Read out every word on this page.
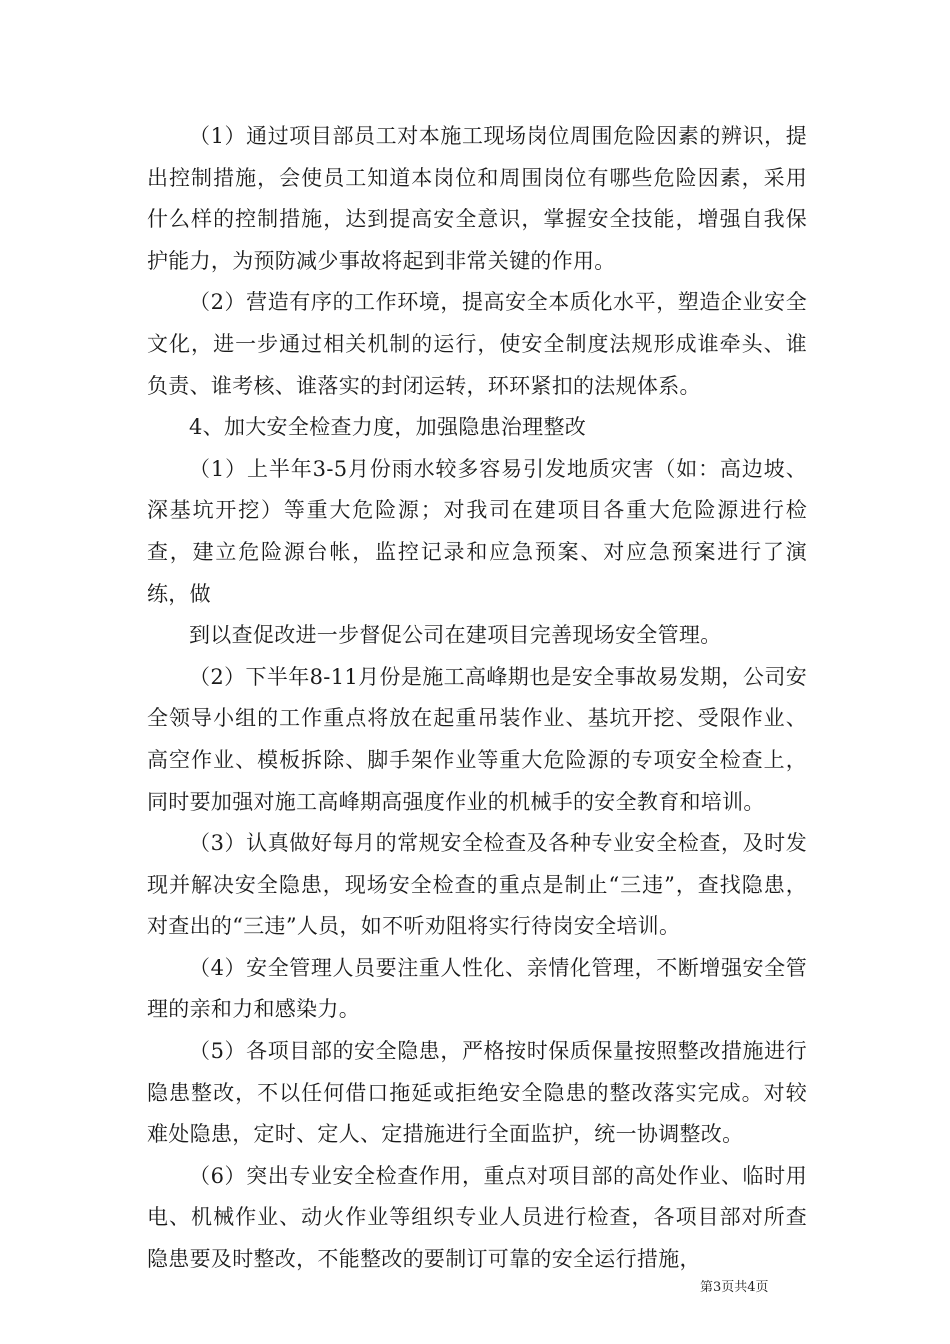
（1）通过项目部员工对本施工现场岗位周围危险因素的辨识，提出控制措施，会使员工知道本岗位和周围岗位有哪些危险因素，采用什么样的控制措施，达到提高安全意识，掌握安全技能，增强自我保护能力，为预防减少事故将起到非常关键的作用。

（2）营造有序的工作环境，提高安全本质化水平，塑造企业安全文化，进一步通过相关机制的运行，使安全制度法规形成谁牵头、谁负责、谁考核、谁落实的封闭运转，环环紧扣的法规体系。

4、加大安全检查力度，加强隐患治理整改

（1）上半年3-5月份雨水较多容易引发地质灾害（如：高边坡、深基坑开挖）等重大危险源；对我司在建项目各重大危险源进行检查，建立危险源台帐，监控记录和应急预案、对应急预案进行了演练，做

到以查促改进一步督促公司在建项目完善现场安全管理。

（2）下半年8-11月份是施工高峰期也是安全事故易发期，公司安全领导小组的工作重点将放在起重吊装作业、基坑开挖、受限作业、高空作业、模板拆除、脚手架作业等重大危险源的专项安全检查上，同时要加强对施工高峰期高强度作业的机械手的安全教育和培训。

（3）认真做好每月的常规安全检查及各种专业安全检查，及时发现并解决安全隐患，现场安全检查的重点是制止“三违”，查找隐患，对查出的“三违”人员，如不听劝阻将实行待岗安全培训。

（4）安全管理人员要注重人性化、亲情化管理，不断增强安全管理的亲和力和感染力。

（5）各项目部的安全隐患，严格按时保质保量按照整改措施进行隐患整改，不以任何借口拖延或拒绝安全隐患的整改落实完成。对较难处隐患，定时、定人、定措施进行全面监护，统一协调整改。

（6）突出专业安全检查作用，重点对项目部的高处作业、临时用电、机械作业、动火作业等组织专业人员进行检查，各项目部对所查隐患要及时整改，不能整改的要制订可靠的安全运行措施，

第3页共4页
